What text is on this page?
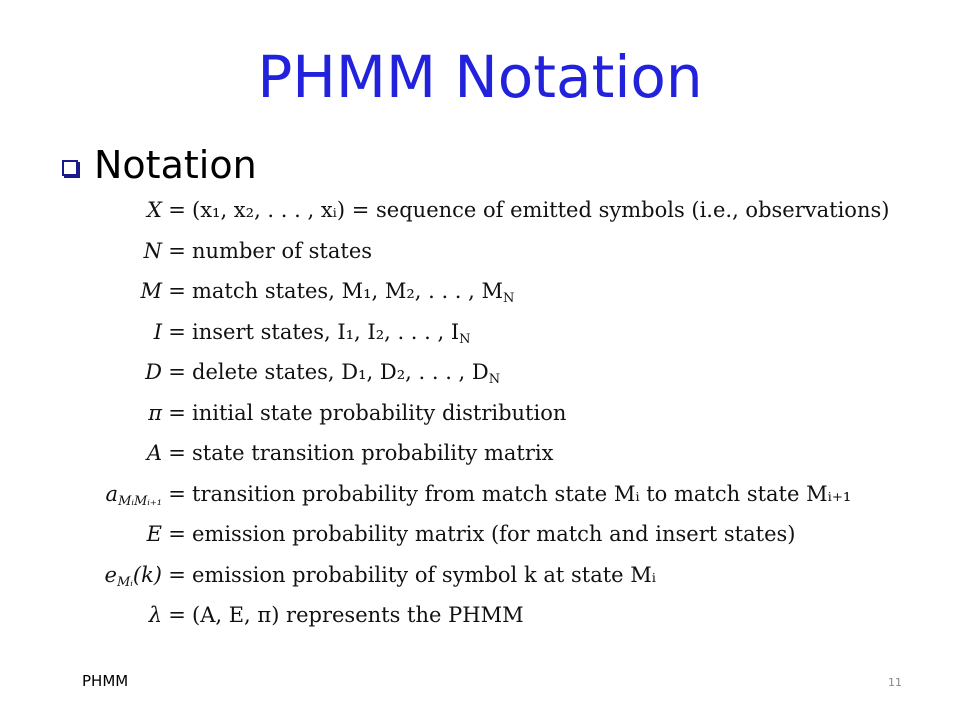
PHMM Notation
Notation
X = (x₁, x₂, . . . , xᵢ) = sequence of emitted symbols (i.e., observations)
N = number of states
M = match states, M₁, M₂, . . . , $M_N$
I = insert states, I₁, I₂, . . . , $I_N$
D = delete states, D₁, D₂, . . . , $D_N$
π = initial state probability distribution
A = state transition probability matrix
$a_{MᵢMᵢ_{+1}}$ = transition probability from match state Mᵢ to match state Mᵢ₊₁
E = emission probability matrix (for match and insert states)
$e_{Mᵢ}(k)$ = emission probability of symbol k at state Mᵢ
λ = (A, E, π) represents the PHMM
PHMM	11
